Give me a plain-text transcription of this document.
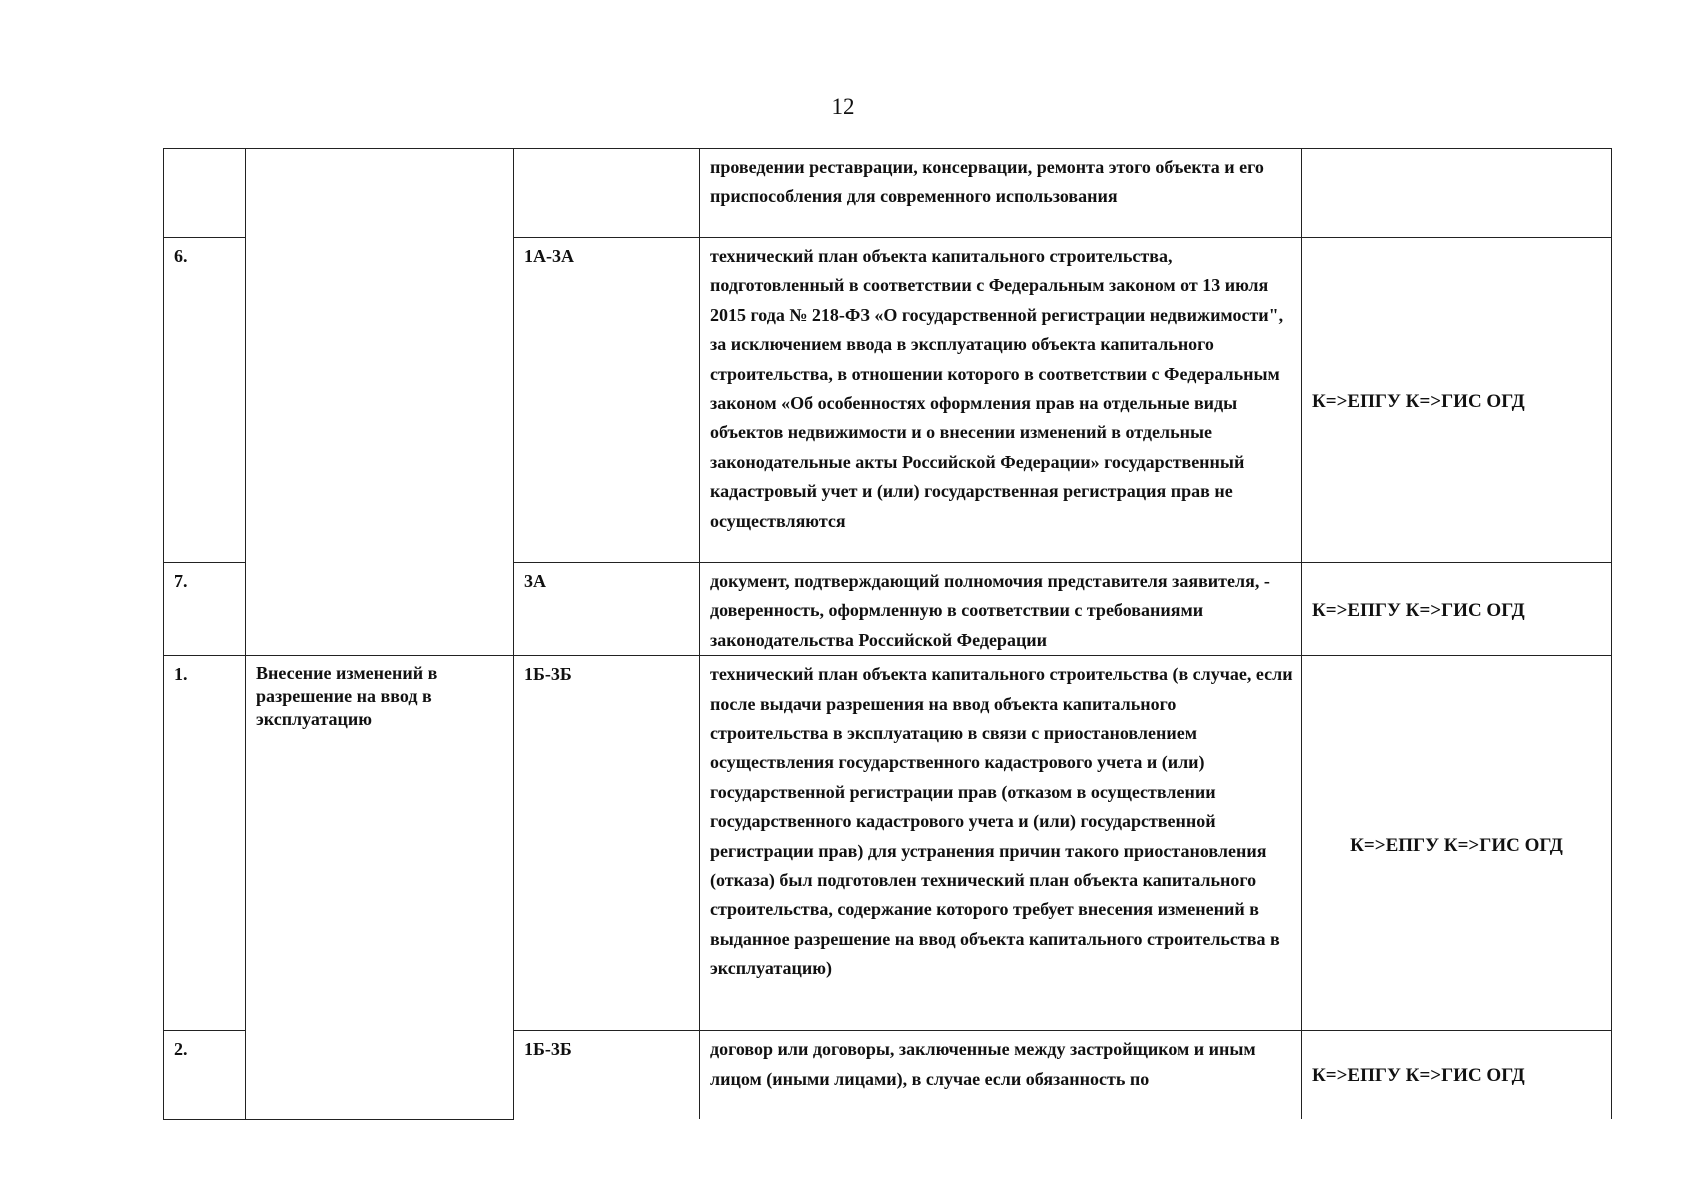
12
			проведении реставрации, консервации, ремонта этого объекта и его приспособления для современного использования	
6.		1А-3А	технический план объекта капитального строительства, подготовленный в соответствии с Федеральным законом от 13 июля 2015 года № 218-ФЗ «О государственной регистрации недвижимости", за исключением ввода в эксплуатацию объекта капитального строительства, в отношении которого в соответствии с Федеральным законом «Об особенностях оформления прав на отдельные виды объектов недвижимости и о внесении изменений в отдельные законодательные акты Российской Федерации» государственный кадастровый учет и (или) государственная регистрация прав не осуществляются	К=>ЕПГУ К=>ГИС ОГД
7.		3А	документ, подтверждающий полномочия представителя заявителя, - доверенность, оформленную в соответствии с требованиями законодательства Российской Федерации	К=>ЕПГУ К=>ГИС ОГД
1.	Внесение изменений в разрешение на ввод в эксплуатацию	1Б-3Б	технический план объекта капитального строительства (в случае, если после выдачи разрешения на ввод объекта капитального строительства в эксплуатацию в связи с приостановлением осуществления государственного кадастрового учета и (или) государственной регистрации прав (отказом в осуществлении государственного кадастрового учета и (или) государственной регистрации прав) для устранения причин такого приостановления (отказа) был подготовлен технический план объекта капитального строительства, содержание которого требует внесения изменений в выданное разрешение на ввод объекта капитального строительства в эксплуатацию)	К=>ЕПГУ К=>ГИС ОГД
2.		1Б-3Б	договор или договоры, заключенные между застройщиком и иным лицом (иными лицами), в случае если обязанность по	К=>ЕПГУ К=>ГИС ОГД
